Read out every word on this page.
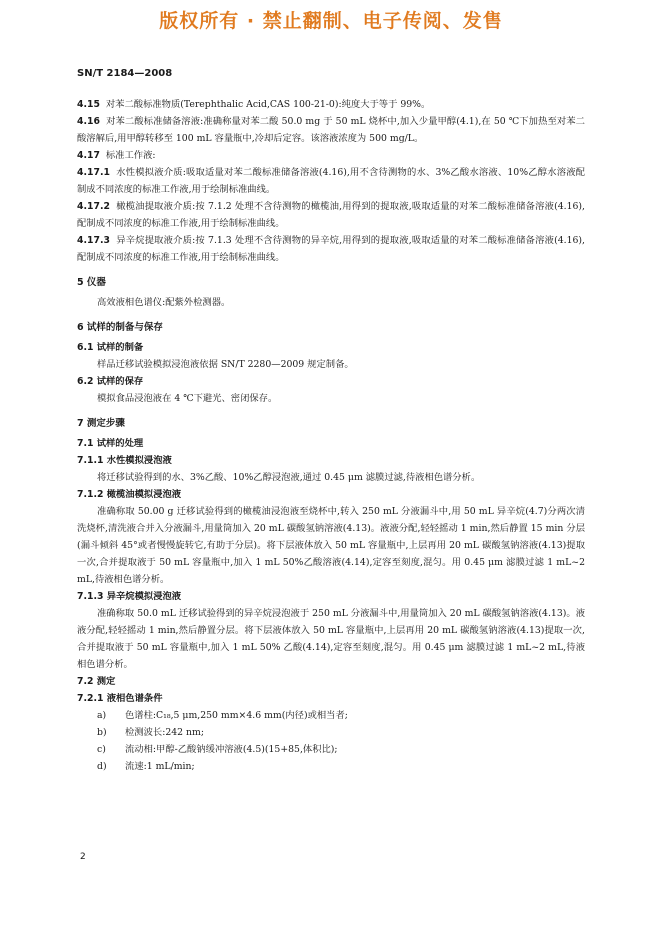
版权所有 · 禁止翻制、电子传阅、发售
SN/T 2184—2008

4.15 对苯二酸标准物质(Terephthalic Acid,CAS 100-21-0):纯度大于等于 99%。

4.16 对苯二酸标准储备溶液:准确称量对苯二酸 50.0 mg 于 50 mL 烧杯中,加入少量甲醇(4.1),在 50 ℃下加热至对苯二酸溶解后,用甲醇转移至 100 mL 容量瓶中,冷却后定容。该溶液浓度为 500 mg/L。

4.17 标准工作液:

4.17.1 水性模拟液介质:吸取适量对苯二酸标准储备溶液(4.16),用不含待测物的水、3%乙酸水溶液、10%乙醇水溶液配制成不同浓度的标准工作液,用于绘制标准曲线。

4.17.2 橄榄油提取液介质:按 7.1.2 处理不含待测物的橄榄油,用得到的提取液,吸取适量的对苯二酸标准储备溶液(4.16),配制成不同浓度的标准工作液,用于绘制标准曲线。

4.17.3 异辛烷提取液介质:按 7.1.3 处理不含待测物的异辛烷,用得到的提取液,吸取适量的对苯二酸标准储备溶液(4.16),配制成不同浓度的标准工作液,用于绘制标准曲线。

5 仪器

高效液相色谱仪:配紫外检测器。

6 试样的制备与保存

6.1 试样的制备

样品迁移试验模拟浸泡液依据 SN/T 2280—2009 规定制备。

6.2 试样的保存

模拟食品浸泡液在 4 ℃下避光、密闭保存。

7 测定步骤

7.1 试样的处理

7.1.1 水性模拟浸泡液

将迁移试验得到的水、3%乙酸、10%乙醇浸泡液,通过 0.45 μm 滤膜过滤,待液相色谱分析。

7.1.2 橄榄油模拟浸泡液

准确称取 50.00 g 迁移试验得到的橄榄油浸泡液至烧杯中,转入 250 mL 分液漏斗中,用 50 mL 异辛烷(4.7)分两次清洗烧杯,清洗液合并入分液漏斗,用量筒加入 20 mL 碳酸氢钠溶液(4.13)。液液分配,轻轻摇动 1 min,然后静置 15 min 分层(漏斗倾斜 45°或者慢慢旋转它,有助于分层)。将下层液体放入 50 mL 容量瓶中,上层再用 20 mL 碳酸氢钠溶液(4.13)提取一次,合并提取液于 50 mL 容量瓶中,加入 1 mL 50%乙酸溶液(4.14),定容至刻度,混匀。用 0.45 μm 滤膜过滤 1 mL~2 mL,待液相色谱分析。

7.1.3 异辛烷模拟浸泡液

准确称取 50.0 mL 迁移试验得到的异辛烷浸泡液于 250 mL 分液漏斗中,用量筒加入 20 mL 碳酸氢钠溶液(4.13)。液液分配,轻轻摇动 1 min,然后静置分层。将下层液体放入 50 mL 容量瓶中,上层再用 20 mL 碳酸氢钠溶液(4.13)提取一次,合并提取液于 50 mL 容量瓶中,加入 1 mL 50% 乙酸(4.14),定容至刻度,混匀。用 0.45 μm 滤膜过滤 1 mL~2 mL,待液相色谱分析。

7.2 测定

7.2.1 液相色谱条件

a) 色谱柱:C₁₈,5 μm,250 mm×4.6 mm(内径)或相当者;

b) 检测波长:242 nm;

c) 流动相:甲醇-乙酸钠缓冲溶液(4.5)(15+85,体积比);

d) 流速:1 mL/min;

2
